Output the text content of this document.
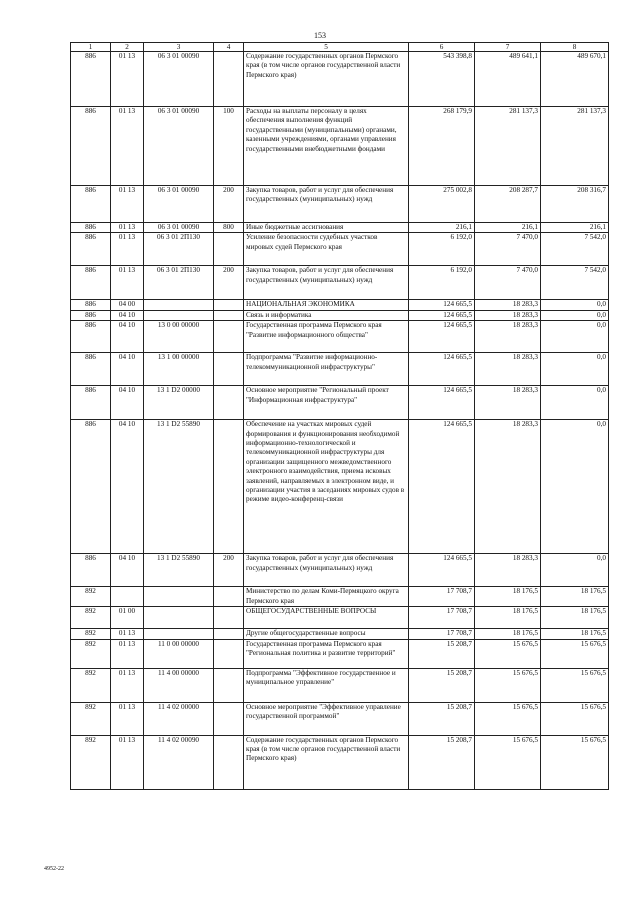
153
1	2	3	4	5	6	7	8
886	01 13	06 3 01 00090		Содержание государственных органов Пермского края (в том числе органов государственной власти Пермского края)	543 398,8	489 641,1	489 670,1
886	01 13	06 3 01 00090	100	Расходы на выплаты персоналу в целях обеспечения выполнения функций государственными (муниципальными) органами, казенными учреждениями, органами управления государственными внебюджетными фондами	268 179,9	281 137,3	281 137,3
886	01 13	06 3 01 00090	200	Закупка товаров, работ и услуг для обеспечения государственных (муниципальных) нужд	275 002,8	208 287,7	208 316,7
886	01 13	06 3 01 00090	800	Иные бюджетные ассигнования	216,1	216,1	216,1
886	01 13	06 3 01 2П130		Усиление безопасности судебных участков мировых судей Пермского края	6 192,0	7 470,0	7 542,0
886	01 13	06 3 01 2П130	200	Закупка товаров, работ и услуг для обеспечения государственных (муниципальных) нужд	6 192,0	7 470,0	7 542,0
886	04 00			НАЦИОНАЛЬНАЯ ЭКОНОМИКА	124 665,5	18 283,3	0,0
886	04 10			Связь и информатика	124 665,5	18 283,3	0,0
886	04 10	13 0 00 00000		Государственная программа Пермского края "Развитие информационного общества"	124 665,5	18 283,3	0,0
886	04 10	13 1 00 00000		Подпрограмма "Развитие информационно-телекоммуникационной инфраструктуры"	124 665,5	18 283,3	0,0
886	04 10	13 1 D2 00000		Основное мероприятие "Региональный проект "Информационная инфраструктура"	124 665,5	18 283,3	0,0
886	04 10	13 1 D2 55890		Обеспечение на участках мировых судей формирования и функционирования необходимой информационно-технологической и телекоммуникационной инфраструктуры для организации защищенного межведомственного электронного взаимодействия, приема исковых заявлений, направляемых в электронном виде, и организации участия в заседаниях мировых судов в режиме видео-конференц-связи	124 665,5	18 283,3	0,0
886	04 10	13 1 D2 55890	200	Закупка товаров, работ и услуг для обеспечения государственных (муниципальных) нужд	124 665,5	18 283,3	0,0
892				Министерство по делам Коми-Пермяцкого округа Пермского края	17 708,7	18 176,5	18 176,5
892	01 00			ОБЩЕГОСУДАРСТВЕННЫЕ ВОПРОСЫ	17 708,7	18 176,5	18 176,5
892	01 13			Другие общегосударственные вопросы	17 708,7	18 176,5	18 176,5
892	01 13	11 0 00 00000		Государственная программа Пермского края "Региональная политика и развитие территорий"	15 208,7	15 676,5	15 676,5
892	01 13	11 4 00 00000		Подпрограмма "Эффективное государственное и муниципальное управление"	15 208,7	15 676,5	15 676,5
892	01 13	11 4 02 00000		Основное мероприятие "Эффективное управление государственной программой"	15 208,7	15 676,5	15 676,5
892	01 13	11 4 02 00090		Содержание государственных органов Пермского края (в том числе органов государственной власти Пермского края)	15 208,7	15 676,5	15 676,5
4952-22
